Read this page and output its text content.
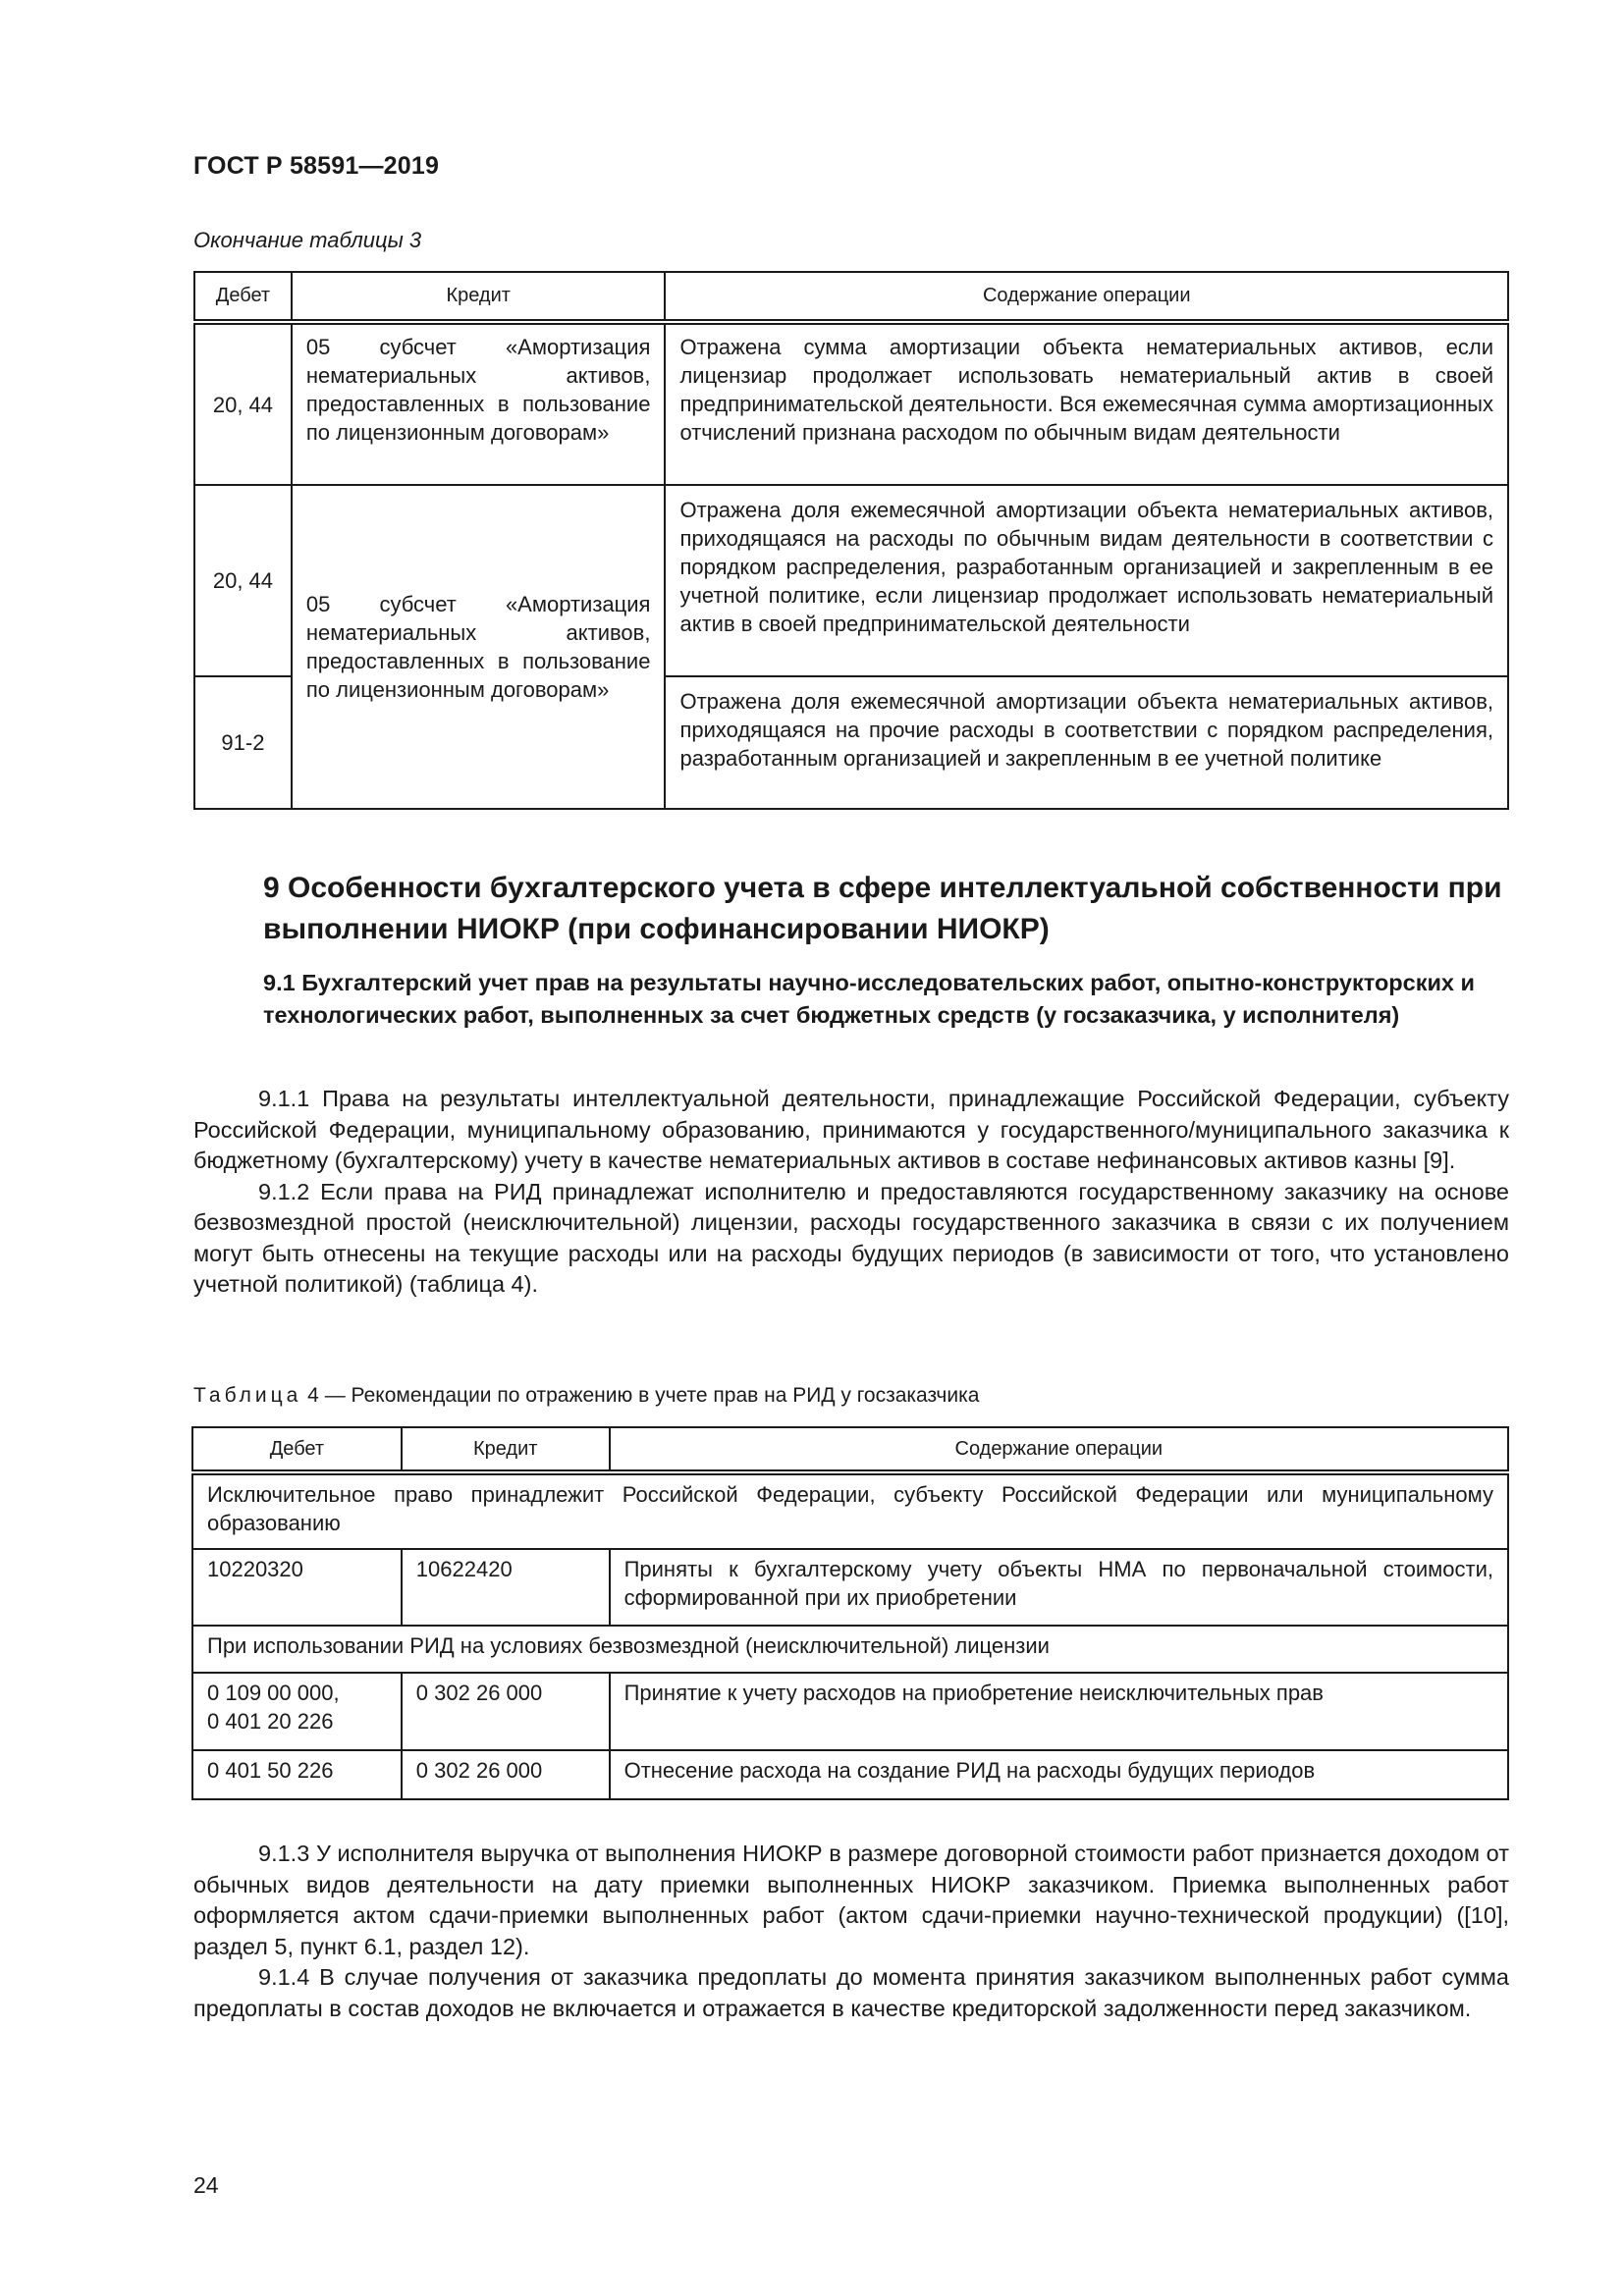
ГОСТ Р 58591—2019
Окончание таблицы 3
Дебет	Кредит	Содержание операции
20, 44	05 субсчет «Амортизация нематериальных активов, предоставленных в пользование по лицензионным договорам»	Отражена сумма амортизации объекта нематериальных активов, если лицензиар продолжает использовать нематериальный актив в своей предпринимательской деятельности. Вся ежемесячная сумма амортизационных отчислений признана расходом по обычным видам деятельности
20, 44	05 субсчет «Амортизация нематериальных активов, предоставленных в пользование по лицензионным договорам»	Отражена доля ежемесячной амортизации объекта нематериальных активов, приходящаяся на расходы по обычным видам деятельности в соответствии с порядком распределения, разработанным организацией и закрепленным в ее учетной политике, если лицензиар продолжает использовать нематериальный актив в своей предпринимательской деятельности
91-2		Отражена доля ежемесячной амортизации объекта нематериальных активов, приходящаяся на прочие расходы в соответствии с порядком распределения, разработанным организацией и закрепленным в ее учетной политике
9 Особенности бухгалтерского учета в сфере интеллектуальной собственности при выполнении НИОКР (при софинансировании НИОКР)
9.1 Бухгалтерский учет прав на результаты научно-исследовательских работ, опытно-конструкторских и технологических работ, выполненных за счет бюджетных средств (у госзаказчика, у исполнителя)

9.1.1 Права на результаты интеллектуальной деятельности, принадлежащие Российской Федерации, субъекту Российской Федерации, муниципальному образованию, принимаются у государственного/муниципального заказчика к бюджетному (бухгалтерскому) учету в качестве нематериальных активов в составе нефинансовых активов казны [9].

9.1.2 Если права на РИД принадлежат исполнителю и предоставляются государственному заказчику на основе безвозмездной простой (неисключительной) лицензии, расходы государственного заказчика в связи с их получением могут быть отнесены на текущие расходы или на расходы будущих периодов (в зависимости от того, что установлено учетной политикой) (таблица 4).

Таблица 4 — Рекомендации по отражению в учете прав на РИД у госзаказчика
Дебет	Кредит	Содержание операции
Исключительное право принадлежит Российской Федерации, субъекту Российской Федерации или муниципальному образованию		
10220320	10622420	Приняты к бухгалтерскому учету объекты НМА по первоначальной стоимости, сформированной при их приобретении
При использовании РИД на условиях безвозмездной (неисключительной) лицензии		

0 109 00 000,
0 401 20 226	0 302 26 000	Принятие к учету расходов на приобретение неисключительных прав
0 401 50 226	0 302 26 000	Отнесение расхода на создание РИД на расходы будущих периодов

9.1.3 У исполнителя выручка от выполнения НИОКР в размере договорной стоимости работ признается доходом от обычных видов деятельности на дату приемки выполненных НИОКР заказчиком. Приемка выполненных работ оформляется актом сдачи-приемки выполненных работ (актом сдачи-приемки научно-технической продукции) ([10], раздел 5, пункт 6.1, раздел 12).

9.1.4 В случае получения от заказчика предоплаты до момента принятия заказчиком выполненных работ сумма предоплаты в состав доходов не включается и отражается в качестве кредиторской задолженности перед заказчиком.

24
